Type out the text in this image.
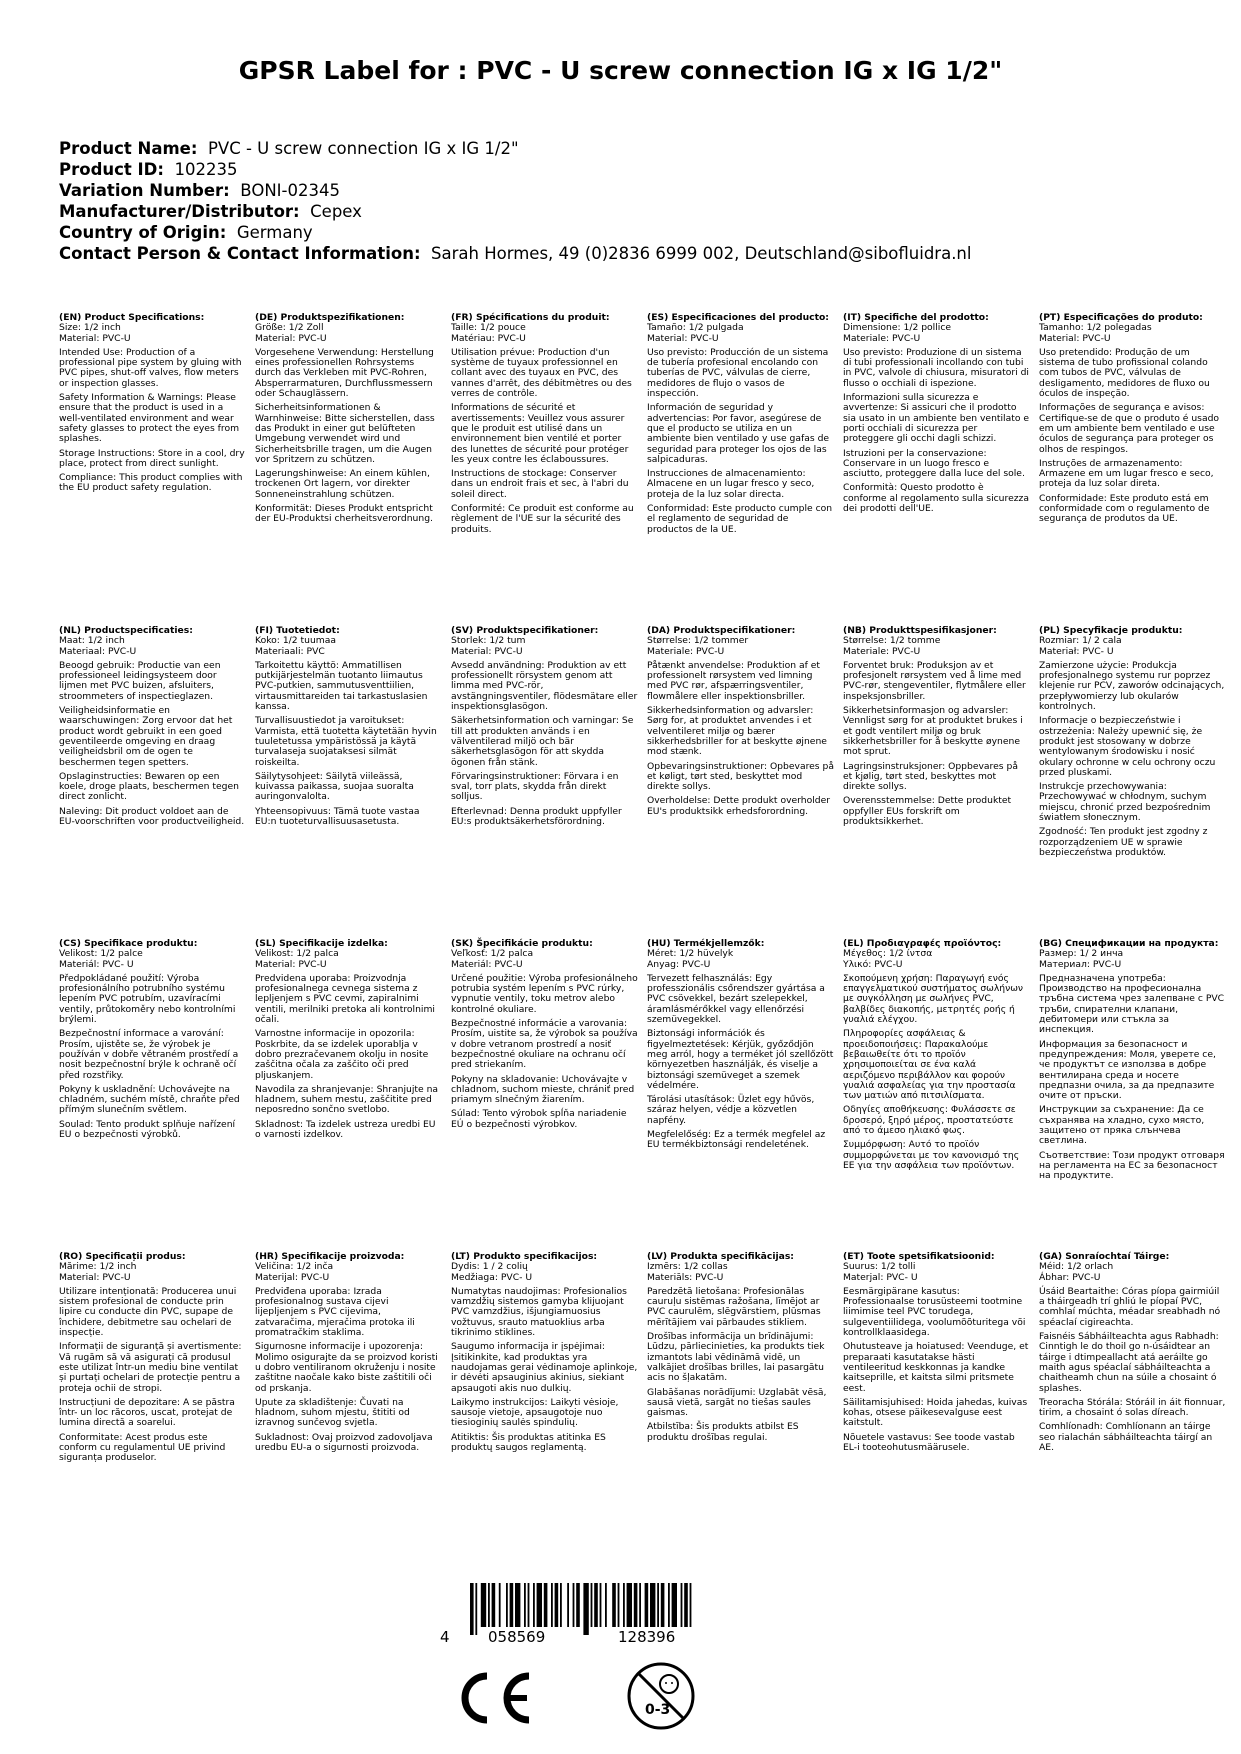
GPSR Label for : PVC - U screw connection IG x IG 1/2"
Product Name: PVC - U screw connection IG x IG 1/2"
Product ID: 102235
Variation Number: BONI-02345
Manufacturer/Distributor: Cepex
Country of Origin: Germany
Contact Person & Contact Information: Sarah Hormes, 49 (0)2836 6999 002, Deutschland@sibofluidra.nl
(EN) Product Specifications:
Size: 1/2 inch
Material: PVC-U
Intended Use: Production of a professional pipe system by gluing with PVC pipes, shut-off valves, flow meters or inspection glasses.
Safety Information & Warnings: Please ensure that the product is used in a well-ventilated environment and wear safety glasses to protect the eyes from splashes.
Storage Instructions: Store in a cool, dry place, protect from direct sunlight.
Compliance: This product complies with the EU product safety regulation.
(DE) Produktspezifikationen:
Größe: 1/2 Zoll
Material: PVC-U
Vorgesehene Verwendung: Herstellung eines professionellen Rohrsystems durch das Verkleben mit PVC-Rohren, Absperrarmaturen, Durchflussmessern oder Schauglässern.
Sicherheitsinformationen & Warnhinweise: Bitte sicherstellen, dass das Produkt in einer gut belüfteten Umgebung verwendet wird und Sicherheitsbrille tragen, um die Augen vor Spritzern zu schützen.
Lagerungshinweise: An einem kühlen, trockenen Ort lagern, vor direkter Sonneneinstrahlung schützen.
Konformität: Dieses Produkt entspricht der EU-Produktsi cherheitsverordnung.
(FR) Spécifications du produit:
Taille: 1/2 pouce
Matériau: PVC-U
Utilisation prévue: Production d'un système de tuyaux professionnel en collant avec des tuyaux en PVC, des vannes d'arrêt, des débitmètres ou des verres de contrôle.
Informations de sécurité et avertissements: Veuillez vous assurer que le produit est utilisé dans un environnement bien ventilé et porter des lunettes de sécurité pour protéger les yeux contre les éclaboussures.
Instructions de stockage: Conserver dans un endroit frais et sec, à l'abri du soleil direct.
Conformité: Ce produit est conforme au règlement de l'UE sur la sécurité des produits.
(ES) Especificaciones del producto:
Tamaño: 1/2 pulgada
Material: PVC-U
Uso previsto: Producción de un sistema de tubería profesional encolando con tuberías de PVC, válvulas de cierre, medidores de flujo o vasos de inspección.
Información de seguridad y advertencias: Por favor, asegúrese de que el producto se utiliza en un ambiente bien ventilado y use gafas de seguridad para proteger los ojos de las salpicaduras.
Instrucciones de almacenamiento: Almacene en un lugar fresco y seco, proteja de la luz solar directa.
Conformidad: Este producto cumple con el reglamento de seguridad de productos de la UE.
(IT) Specifiche del prodotto:
Dimensione: 1/2 pollice
Materiale: PVC-U
Uso previsto: Produzione di un sistema di tubi professionali incollando con tubi in PVC, valvole di chiusura, misuratori di flusso o occhiali di ispezione.
Informazioni sulla sicurezza e avvertenze: Si assicuri che il prodotto sia usato in un ambiente ben ventilato e porti occhiali di sicurezza per proteggere gli occhi dagli schizzi.
Istruzioni per la conservazione: Conservare in un luogo fresco e asciutto, proteggere dalla luce del sole.
Conformità: Questo prodotto è conforme al regolamento sulla sicurezza dei prodotti dell'UE.
(PT) Especificações do produto:
Tamanho: 1/2 polegadas
Material: PVC-U
Uso pretendido: Produção de um sistema de tubo profissional colando com tubos de PVC, válvulas de desligamento, medidores de fluxo ou óculos de inspeção.
Informações de segurança e avisos: Certifique-se de que o produto é usado em um ambiente bem ventilado e use óculos de segurança para proteger os olhos de respingos.
Instruções de armazenamento: Armazene em um lugar fresco e seco, proteja da luz solar direta.
Conformidade: Este produto está em conformidade com o regulamento de segurança de produtos da UE.
(NL) Productspecificaties:
Maat: 1/2 inch
Materiaal: PVC-U
Beoogd gebruik: Productie van een professioneel leidingsysteem door lijmen met PVC buizen, afsluiters, stroommeters of inspectieglazen.
Veiligheidsinformatie en waarschuwingen: Zorg ervoor dat het product wordt gebruikt in een goed geventileerde omgeving en draag veiligheidsbril om de ogen te beschermen tegen spetters.
Opslaginstructies: Bewaren op een koele, droge plaats, beschermen tegen direct zonlicht.
Naleving: Dit product voldoet aan de EU-voorschriften voor productveiligheid.
(FI) Tuotetiedot:
Koko: 1/2 tuumaa
Materiaali: PVC
Tarkoitettu käyttö: Ammatillisen putkijärjestelmän tuotanto liimautus PVC-putkien, sammutusventtiilien, virtausmittareiden tai tarkastuslasien kanssa.
Turvallisuustiedot ja varoitukset: Varmista, että tuotetta käytetään hyvin tuuletetussa ympäristössä ja käytä turvalaseja suojataksesi silmät roiskeilta.
Säilytysohjeet: Säilytä viileässä, kuivassa paikassa, suojaa suoralta auringonvalolta.
Yhteensopivuus: Tämä tuote vastaa EU:n tuoteturvallisuusasetusta.
(SV) Produktspecifikationer:
Storlek: 1/2 tum
Material: PVC-U
Avsedd användning: Produktion av ett professionellt rörsystem genom att limma med PVC-rör, avstängningsventiler, flödesmätare eller inspektionsglasögon.
Säkerhetsinformation och varningar: Se till att produkten används i en välventilerad miljö och bär säkerhetsglasögon för att skydda ögonen från stänk.
Förvaringsinstruktioner: Förvara i en sval, torr plats, skydda från direkt solljus.
Efterlevnad: Denna produkt uppfyller EU:s produktsäkerhetsförordning.
(DA) Produktspecifikationer:
Størrelse: 1/2 tommer
Materiale: PVC-U
Påtænkt anvendelse: Produktion af et professionelt rørsystem ved limning med PVC rør, afspærringsventiler, flowmålere eller inspektionsbriller.
Sikkerhedsinformation og advarsler: Sørg for, at produktet anvendes i et velventileret miljø og bærer sikkerhedsbriller for at beskytte øjnene mod stænk.
Opbevaringsinstruktioner: Opbevares på et køligt, tørt sted, beskyttet mod direkte sollys.
Overholdelse: Dette produkt overholder EU's produktsikk erhedsforordning.
(NB) Produkttspesifikasjoner:
Størrelse: 1/2 tomme
Materiale: PVC-U
Forventet bruk: Produksjon av et profesjonelt rørsystem ved å lime med PVC-rør, stengeventiler, flytmålere eller inspeksjonsbriller.
Sikkerhetsinformasjon og advarsler: Vennligst sørg for at produktet brukes i et godt ventilert miljø og bruk sikkerhetsbriller for å beskytte øynene mot sprut.
Lagringsinstruksjoner: Oppbevares på et kjølig, tørt sted, beskyttes mot direkte sollys.
Overensstemmelse: Dette produktet oppfyller EUs forskrift om produktsikkerhet.
(PL) Specyfikacje produktu:
Rozmiar: 1/ 2 cala
Materiał: PVC- U
Zamierzone użycie: Produkcja profesjonalnego systemu rur poprzez klejenie rur PCV, zaworów odcinających, przepływomierzy lub okularów kontrolnych.
Informacje o bezpieczeństwie i ostrzeżenia: Należy upewnić się, że produkt jest stosowany w dobrze wentylowanym środowisku i nosić okulary ochronne w celu ochrony oczu przed pluskami.
Instrukcje przechowywania: Przechowywać w chłodnym, suchym miejscu, chronić przed bezpośrednim światłem słonecznym.
Zgodność: Ten produkt jest zgodny z rozporządzeniem UE w sprawie bezpieczeństwa produktów.
(CS) Specifikace produktu:
Velikost: 1/2 palce
Materiál: PVC- U
Předpokládané použití: Výroba profesionálního potrubního systému lepením PVC potrubím, uzavíracími ventily, průtokoměry nebo kontrolními brýlemi.
Bezpečnostní informace a varování: Prosím, ujistěte se, že výrobek je používán v dobře větraném prostředí a nosit bezpečnostní brýle k ochraně očí před rozstřiky.
Pokyny k uskladnění: Uchovávejte na chladném, suchém místě, chraňte před přímým slunečním světlem.
Soulad: Tento produkt splňuje nařízení EU o bezpečnosti výrobků.
(SL) Specifikacije izdelka:
Velikost: 1/2 palca
Material: PVC-U
Predvidena uporaba: Proizvodnja profesionalnega cevnega sistema z lepljenjem s PVC cevmi, zapiralnimi ventili, merilniki pretoka ali kontrolnimi očali.
Varnostne informacije in opozorila: Poskrbite, da se izdelek uporablja v dobro prezračevanem okolju in nosite zaščitna očala za zaščito oči pred pljuskanjem.
Navodila za shranjevanje: Shranjujte na hladnem, suhem mestu, zaščitite pred neposredno sončno svetlobo.
Skladnost: Ta izdelek ustreza uredbi EU o varnosti izdelkov.
(SK) Špecifikácie produktu:
Veľkosť: 1/2 palca
Materiál: PVC-U
Určené použitie: Výroba profesionálneho potrubia systém lepením s PVC rúrky, vypnutie ventily, toku metrov alebo kontrolné okuliare.
Bezpečnostné informácie a varovania: Prosím, uistite sa, že výrobok sa používa v dobre vetranom prostredí a nosiť bezpečnostné okuliare na ochranu očí pred striekaním.
Pokyny na skladovanie: Uchovávajte v chladnom, suchom mieste, chrániť pred priamym slnečným žiarením.
Súlad: Tento výrobok spĺňa nariadenie EÚ o bezpečnosti výrobkov.
(HU) Termékjellemzők:
Méret: 1/2 hüvelyk
Anyag: PVC-U
Tervezett felhasználás: Egy professzionális csőrendszer gyártása a PVC csövekkel, bezárt szelepekkel, áramlásmérőkkel vagy ellenőrzési szemüvegekkel.
Biztonsági információk és figyelmeztetések: Kérjük, győződjön meg arról, hogy a terméket jól szellőzött környezetben használják, és viselje a biztonsági szemüveget a szemek védelmére.
Tárolási utasítások: Üzlet egy hűvös, száraz helyen, védje a közvetlen napfény.
Megfelelőség: Ez a termék megfelel az EU termékbiztonsági rendeletének.
(EL) Προδιαγραφές προϊόντος:
Μέγεθος: 1/2 ίντσα
Υλικό: PVC-U
Σκοπούμενη χρήση: Παραγωγή ενός επαγγελματικού συστήματος σωλήνων με συγκόλληση με σωλήνες PVC, βαλβίδες διακοπής, μετρητές ροής ή γυαλιά ελέγχου.
Πληροφορίες ασφάλειας & προειδοποιήσεις: Παρακαλούμε βεβαιωθείτε ότι το προϊόν χρησιμοποιείται σε ένα καλά αεριζόμενο περιβάλλον και φορούν γυαλιά ασφαλείας για την προστασία των ματιών από πιτσιλίσματα.
Οδηγίες αποθήκευσης: Φυλάσσετε σε δροσερό, ξηρό μέρος, προστατεύστε από το άμεσο ηλιακό φως.
Συμμόρφωση: Αυτό το προϊόν συμμορφώνεται με τον κανονισμό της ΕΕ για την ασφάλεια των προϊόντων.
(BG) Спецификации на продукта:
Размер: 1/ 2 инча
Материал: PVC-U
Предназначена употреба: Производство на професионална тръбна система чрез залепване с PVC тръби, спирателни клапани, дебитомери или стъкла за инспекция.
Информация за безопасност и предупреждения: Моля, уверете се, че продуктът се използва в добре вентилирана среда и носете предпазни очила, за да предпазите очите от пръски.
Инструкции за съхранение: Да се съхранява на хладно, сухо място, защитено от пряка слънчева светлина.
Съответствие: Този продукт отговаря на регламента на ЕС за безопасност на продуктите.
(RO) Specificații produs:
Mărime: 1/2 inch
Material: PVC-U
Utilizare intenționată: Producerea unui sistem profesional de conducte prin lipire cu conducte din PVC, supape de închidere, debitmetre sau ochelari de inspecție.
Informații de siguranță și avertismente: Vă rugăm să vă asigurați că produsul este utilizat într-un mediu bine ventilat și purtați ochelari de protecție pentru a proteja ochii de stropi.
Instrucțiuni de depozitare: A se păstra într- un loc răcoros, uscat, protejat de lumina directă a soarelui.
Conformitate: Acest produs este conform cu regulamentul UE privind siguranța produselor.
(HR) Specifikacije proizvoda:
Veličina: 1/2 inča
Materijal: PVC-U
Predviđena uporaba: Izrada profesionalnog sustava cijevi lijepljenjem s PVC cijevima, zatvaračima, mjeračima protoka ili promatračkim staklima.
Sigurnosne informacije i upozorenja: Molimo osigurajte da se proizvod koristi u dobro ventiliranom okruženju i nosite zaštitne naočale kako biste zaštitili oči od prskanja.
Upute za skladištenje: Čuvati na hladnom, suhom mjestu, štititi od izravnog sunčevog svjetla.
Sukladnost: Ovaj proizvod zadovoljava uredbu EU-a o sigurnosti proizvoda.
(LT) Produkto specifikacijos:
Dydis: 1 / 2 colių
Medžiaga: PVC- U
Numatytas naudojimas: Profesionalios vamzdžių sistemos gamyba klijuojant PVC vamzdžius, išjungiamuosius vožtuvus, srauto matuoklius arba tikrinimo stiklines.
Saugumo informacija ir įspėjimai: Įsitikinkite, kad produktas yra naudojamas gerai vėdinamoje aplinkoje, ir dėvėti apsauginius akinius, siekiant apsaugoti akis nuo dulkių.
Laikymo instrukcijos: Laikyti vėsioje, sausoje vietoje, apsaugotoje nuo tiesioginių saulės spindulių.
Atitiktis: Šis produktas atitinka ES produktų saugos reglamentą.
(LV) Produkta specifikācijas:
Izmērs: 1/2 collas
Materiāls: PVC-U
Paredzētā lietošana: Profesionālas cauruļu sistēmas ražošana, līmējot ar PVC caurulēm, slēgvārstiem, plūsmas mērītājiem vai pārbaudes stikliem.
Drošības informācija un brīdinājumi: Lūdzu, pārliecinieties, ka produkts tiek izmantots labi vēdināmā vidē, un valkājiet drošības brilles, lai pasargātu acis no šļakatām.
Glabāšanas norādījumi: Uzglabāt vēsā, sausā vietā, sargāt no tiešas saules gaismas.
Atbilstība: Šis produkts atbilst ES produktu drošības regulai.
(ET) Toote spetsifikatsioonid:
Suurus: 1/2 tolli
Materjal: PVC- U
Eesmärgipärane kasutus: Professionaalse torusüsteemi tootmine liimimise teel PVC torudega, sulgeventiilidega, voolumõõturitega või kontrollklaasidega.
Ohutusteave ja hoiatused: Veenduge, et preparaati kasutatakse hästi ventileeritud keskkonnas ja kandke kaitseprille, et kaitsta silmi pritsmete eest.
Säilitamisjuhised: Hoida jahedas, kuivas kohas, otsese päikesevalguse eest kaitstult.
Nõuetele vastavus: See toode vastab EL-i tooteohutusmäärusele.
(GA) Sonraíochtaí Táirge:
Méid: 1/2 orlach
Ábhar: PVC-U
Úsáid Beartaithe: Córas píopa gairmiúil a tháirgeadh trí ghliú le píopaí PVC, comhlaí múchta, méadar sreabhadh nó spéaclaí cigireachta.
Faisnéis Sábháilteachta agus Rabhadh: Cinntigh le do thoil go n-úsáidtear an táirge i dtimpeallacht atá aeráilte go maith agus spéaclaí sábháilteachta a chaitheamh chun na súile a chosaint ó splashes.
Treoracha Stórála: Stóráil in áit fionnuar, tirim, a chosaint ó solas díreach.
Comhlíonadh: Comhlíonann an táirge seo rialachán sábháilteachta táirgí an AE.
4	058569	128396
0-3
